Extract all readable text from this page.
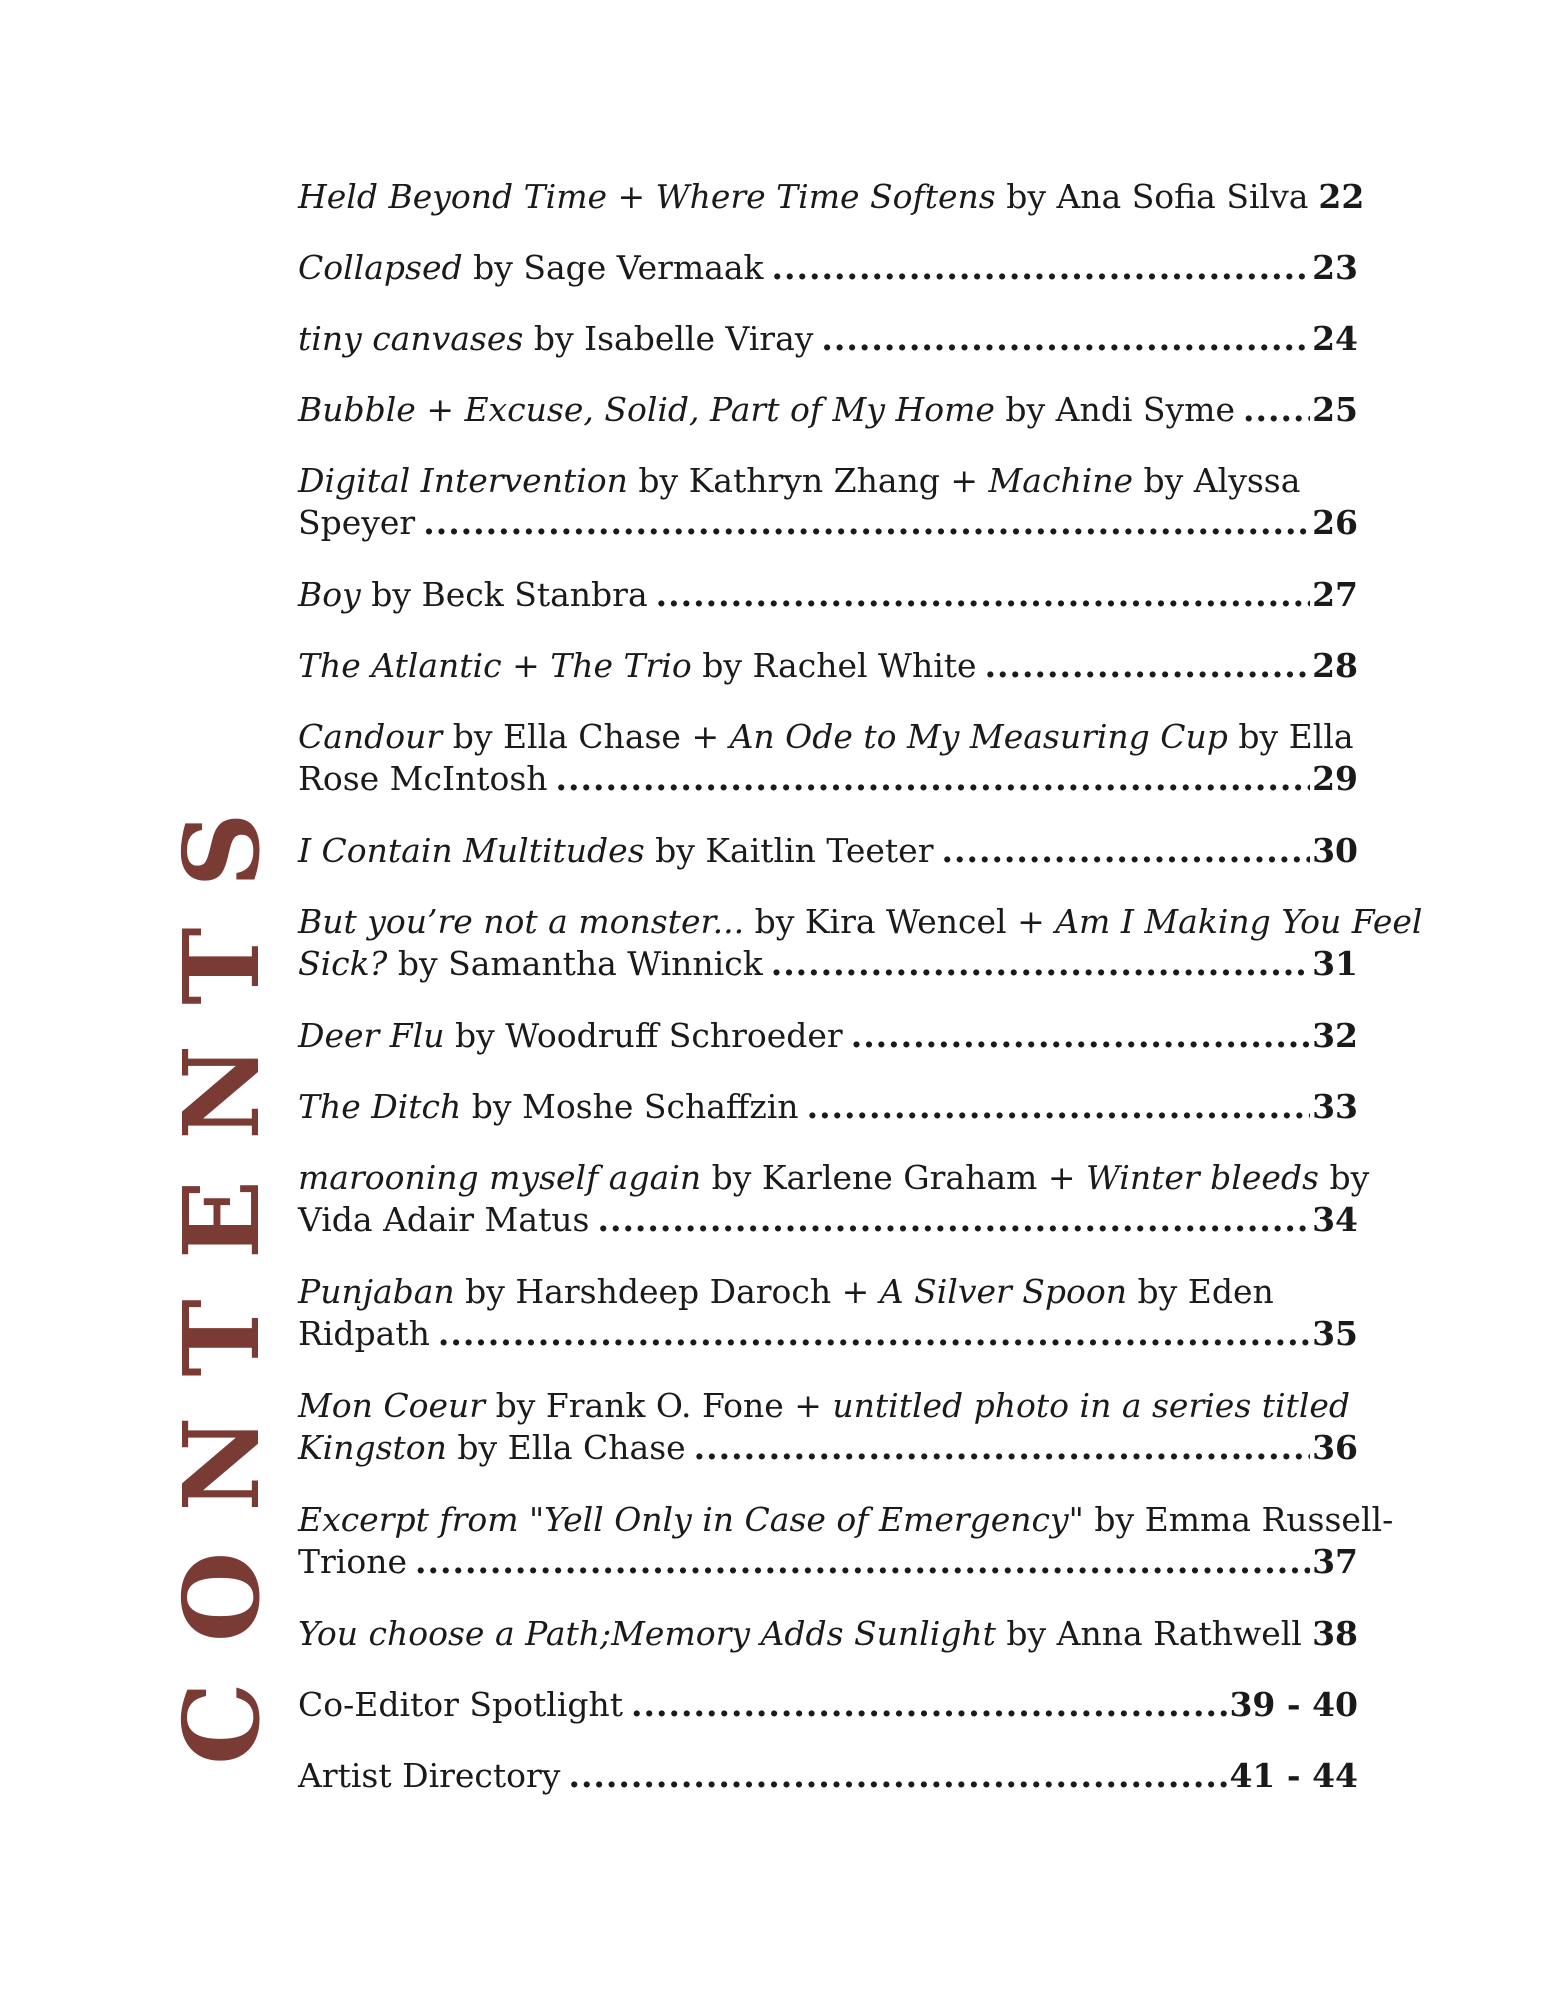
CONTENTS
Held Beyond Time + Where Time Softens by Ana Sofia Silva 22
Collapsed by Sage Vermaak .....	23
tiny canvases by Isabelle Viray .....	24
Bubble + Excuse, Solid, Part of My Home by Andi Syme ..... 25
Digital Intervention by Kathryn Zhang + Machine by Alyssa
Speyer .....	26
Boy by Beck Stanbra .....	27
The Atlantic + The Trio by Rachel White .....	28
Candour by Ella Chase + An Ode to My Measuring Cup by Ella
Rose McIntosh .....	29
I Contain Multitudes by Kaitlin Teeter .....	30
But you’re not a monster... by Kira Wencel + Am I Making You Feel
Sick? by Samantha Winnick .....	31
Deer Flu by Woodruff Schroeder .....	32
The Ditch by Moshe Schaffzin .....	33
marooning myself again by Karlene Graham + Winter bleeds by
Vida Adair Matus .....	34
Punjaban by Harshdeep Daroch + A Silver Spoon by Eden
Ridpath .....	35
Mon Coeur by Frank O. Fone + untitled photo in a series titled
Kingston by Ella Chase .....	36
Excerpt from "Yell Only in Case of Emergency" by Emma Russell-
Trione .....	37
You choose a Path;Memory Adds Sunlight by Anna Rathwell ..... 38
Co-Editor Spotlight .....	39 - 40
Artist Directory .....	41 - 44
